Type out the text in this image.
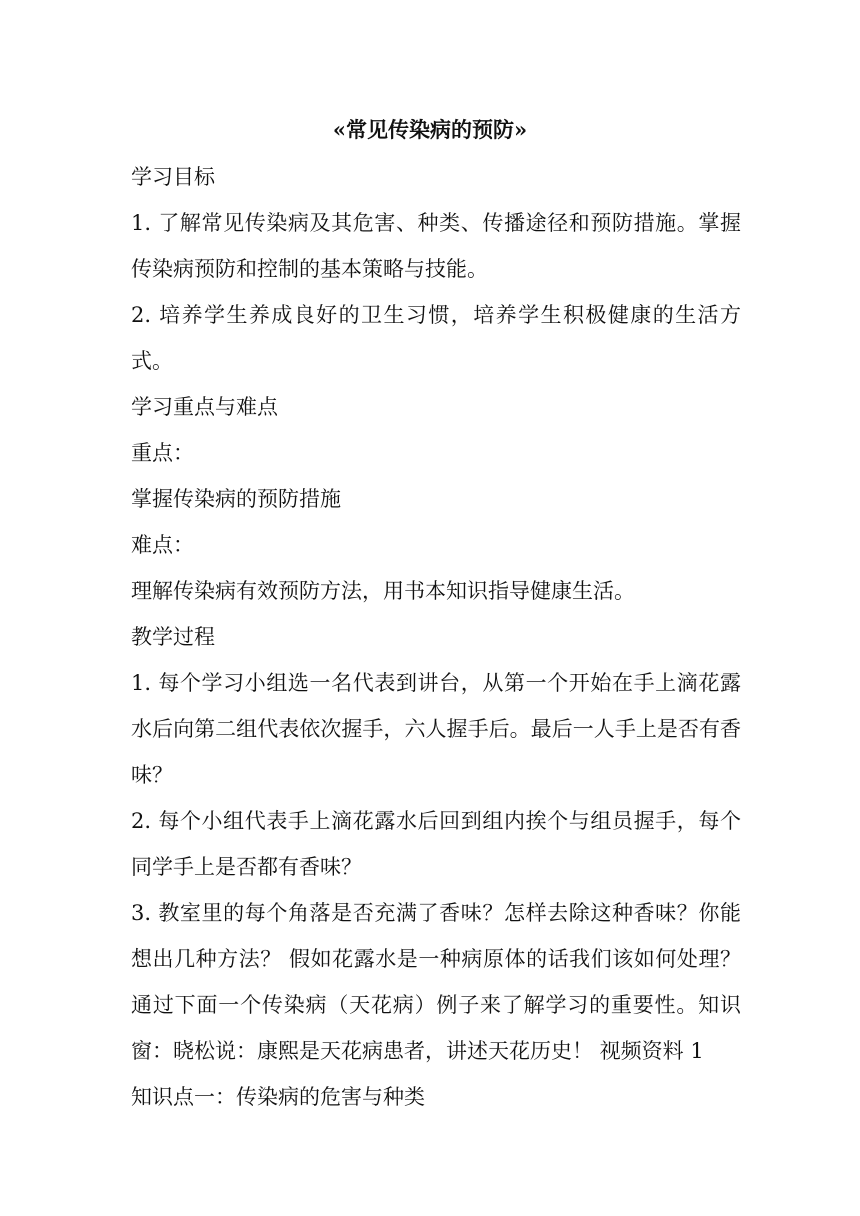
«常见传染病的预防»

学习目标

1. 了解常见传染病及其危害、种类、传播途径和预防措施。掌握传染病预防和控制的基本策略与技能。

2. 培养学生养成良好的卫生习惯，培养学生积极健康的生活方式。

学习重点与难点

重点：

掌握传染病的预防措施

难点：

理解传染病有效预防方法，用书本知识指导健康生活。

教学过程

1. 每个学习小组选一名代表到讲台，从第一个开始在手上滴花露水后向第二组代表依次握手，六人握手后。最后一人手上是否有香味？

2. 每个小组代表手上滴花露水后回到组内挨个与组员握手，每个同学手上是否都有香味？

3. 教室里的每个角落是否充满了香味？怎样去除这种香味？你能想出几种方法？ 假如花露水是一种病原体的话我们该如何处理？ 通过下面一个传染病（天花病）例子来了解学习的重要性。知识窗：晓松说：康熙是天花病患者，讲述天花历史！ 视频资料 1

知识点一：传染病的危害与种类
